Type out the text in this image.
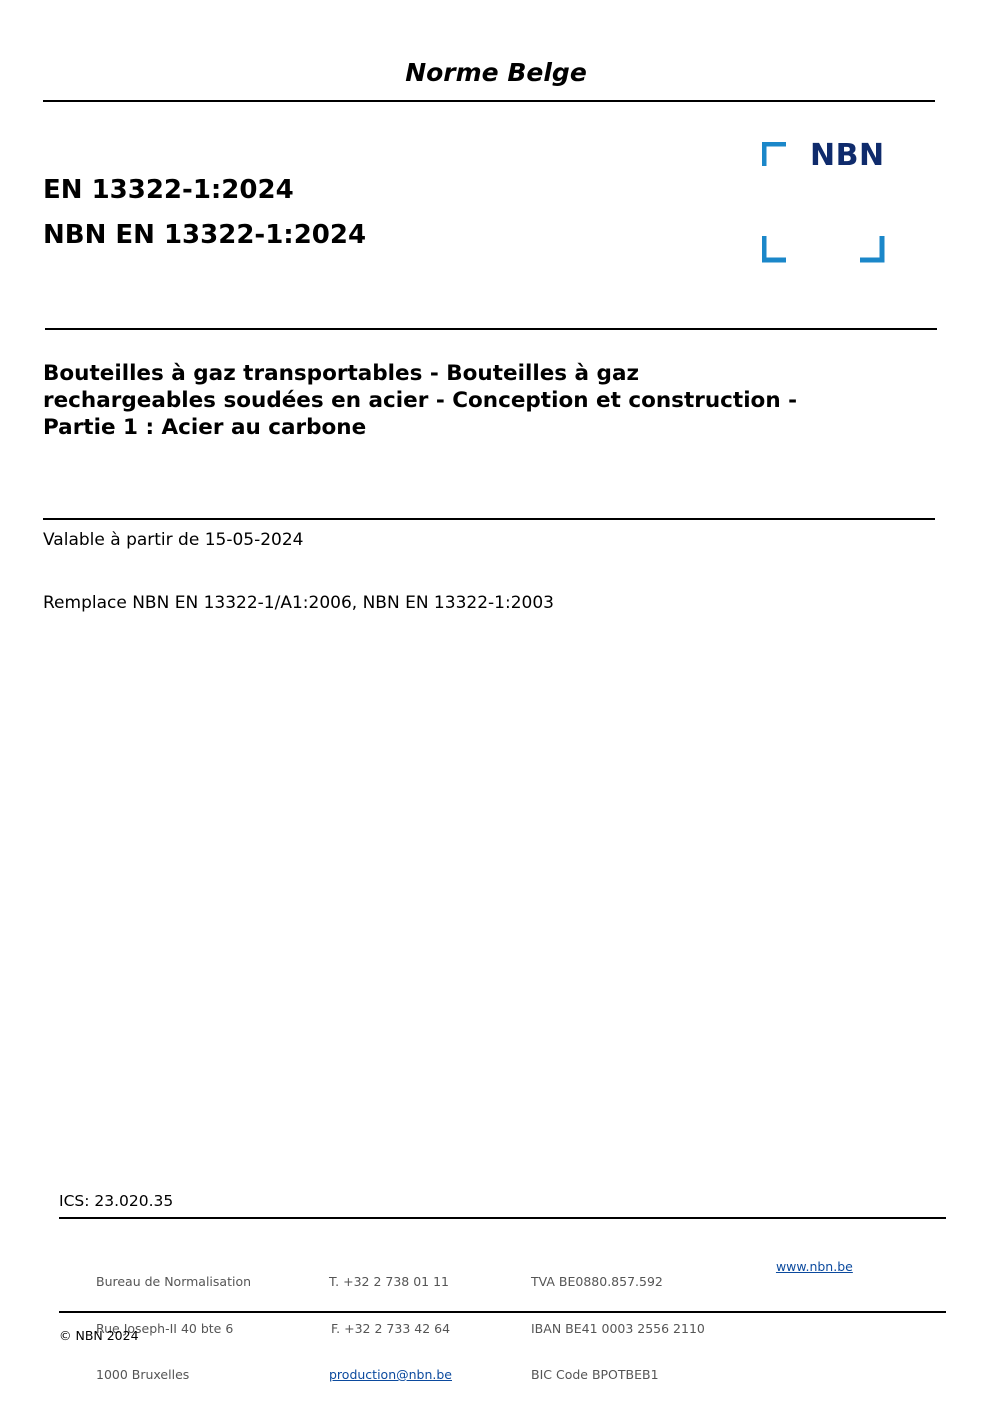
Norme Belge
EN 13322-1:2024
NBN EN 13322-1:2024
NBN
Bouteilles à gaz transportables - Bouteilles à gaz
rechargeables soudées en acier - Conception et construction -
Partie 1 : Acier au carbone
Valable à partir de 15-05-2024
Remplace NBN EN 13322-1/A1:2006, NBN EN 13322-1:2003
ICS: 23.020.35

Bureau de Normalisation

Rue Joseph-II 40 bte 6

1000 Bruxelles

T. +32 2 738 01 11

F. +32 2 733 42 64

production@nbn.be

TVA BE0880.857.592

IBAN BE41 0003 2556 2110

BIC Code BPOTBEB1

www.nbn.be

© NBN 2024
